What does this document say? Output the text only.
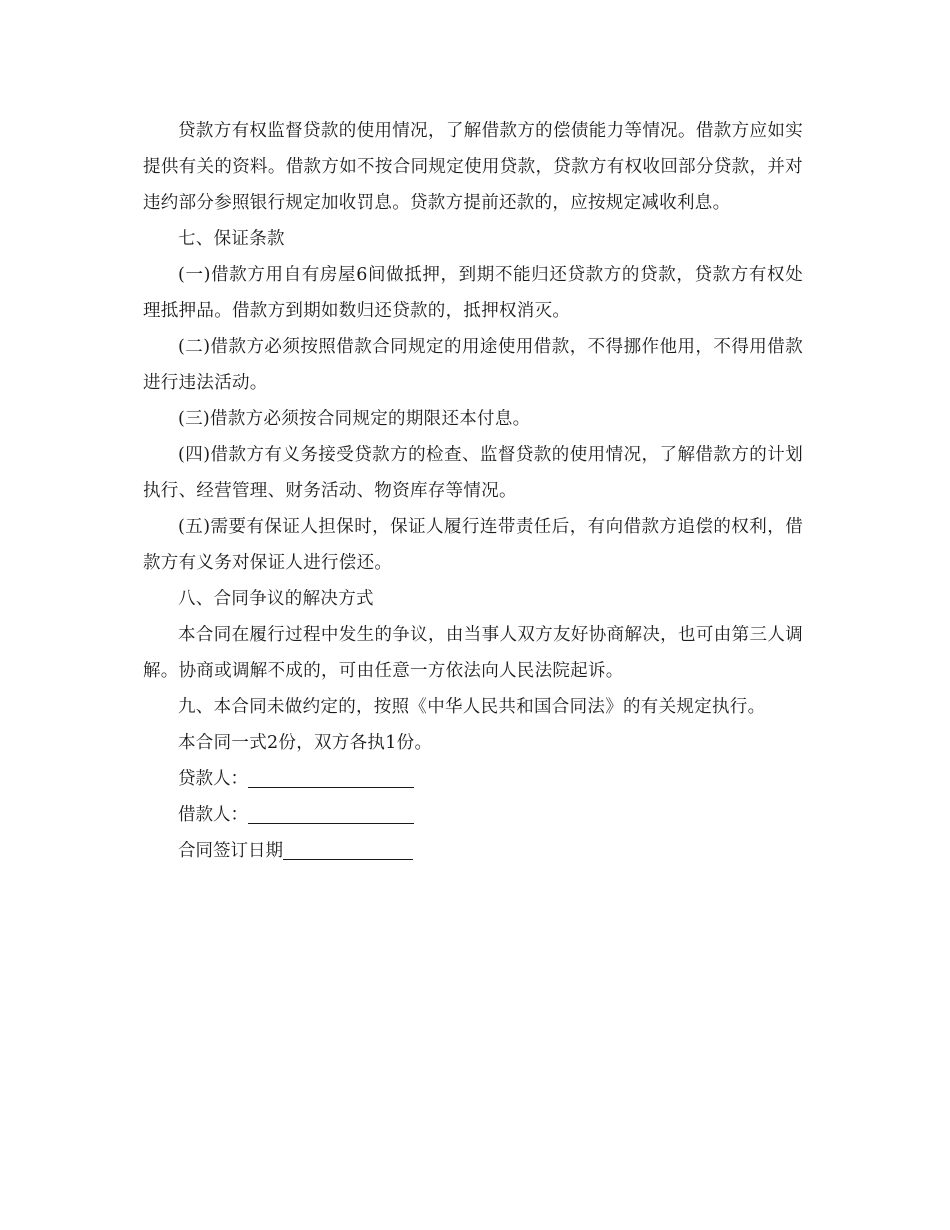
贷款方有权监督贷款的使用情况，了解借款方的偿债能力等情况。借款方应如实提供有关的资料。借款方如不按合同规定使用贷款，贷款方有权收回部分贷款，并对违约部分参照银行规定加收罚息。贷款方提前还款的，应按规定减收利息。

七、保证条款

(一)借款方用自有房屋6间做抵押，到期不能归还贷款方的贷款，贷款方有权处理抵押品。借款方到期如数归还贷款的，抵押权消灭。

(二)借款方必须按照借款合同规定的用途使用借款，不得挪作他用，不得用借款进行违法活动。

(三)借款方必须按合同规定的期限还本付息。

(四)借款方有义务接受贷款方的检查、监督贷款的使用情况，了解借款方的计划执行、经营管理、财务活动、物资库存等情况。

(五)需要有保证人担保时，保证人履行连带责任后，有向借款方追偿的权利，借款方有义务对保证人进行偿还。

八、合同争议的解决方式

本合同在履行过程中发生的争议，由当事人双方友好协商解决，也可由第三人调解。协商或调解不成的，可由任意一方依法向人民法院起诉。

九、本合同未做约定的，按照《中华人民共和国合同法》的有关规定执行。

本合同一式2份，双方各执1份。

贷款人：

借款人：

合同签订日期
